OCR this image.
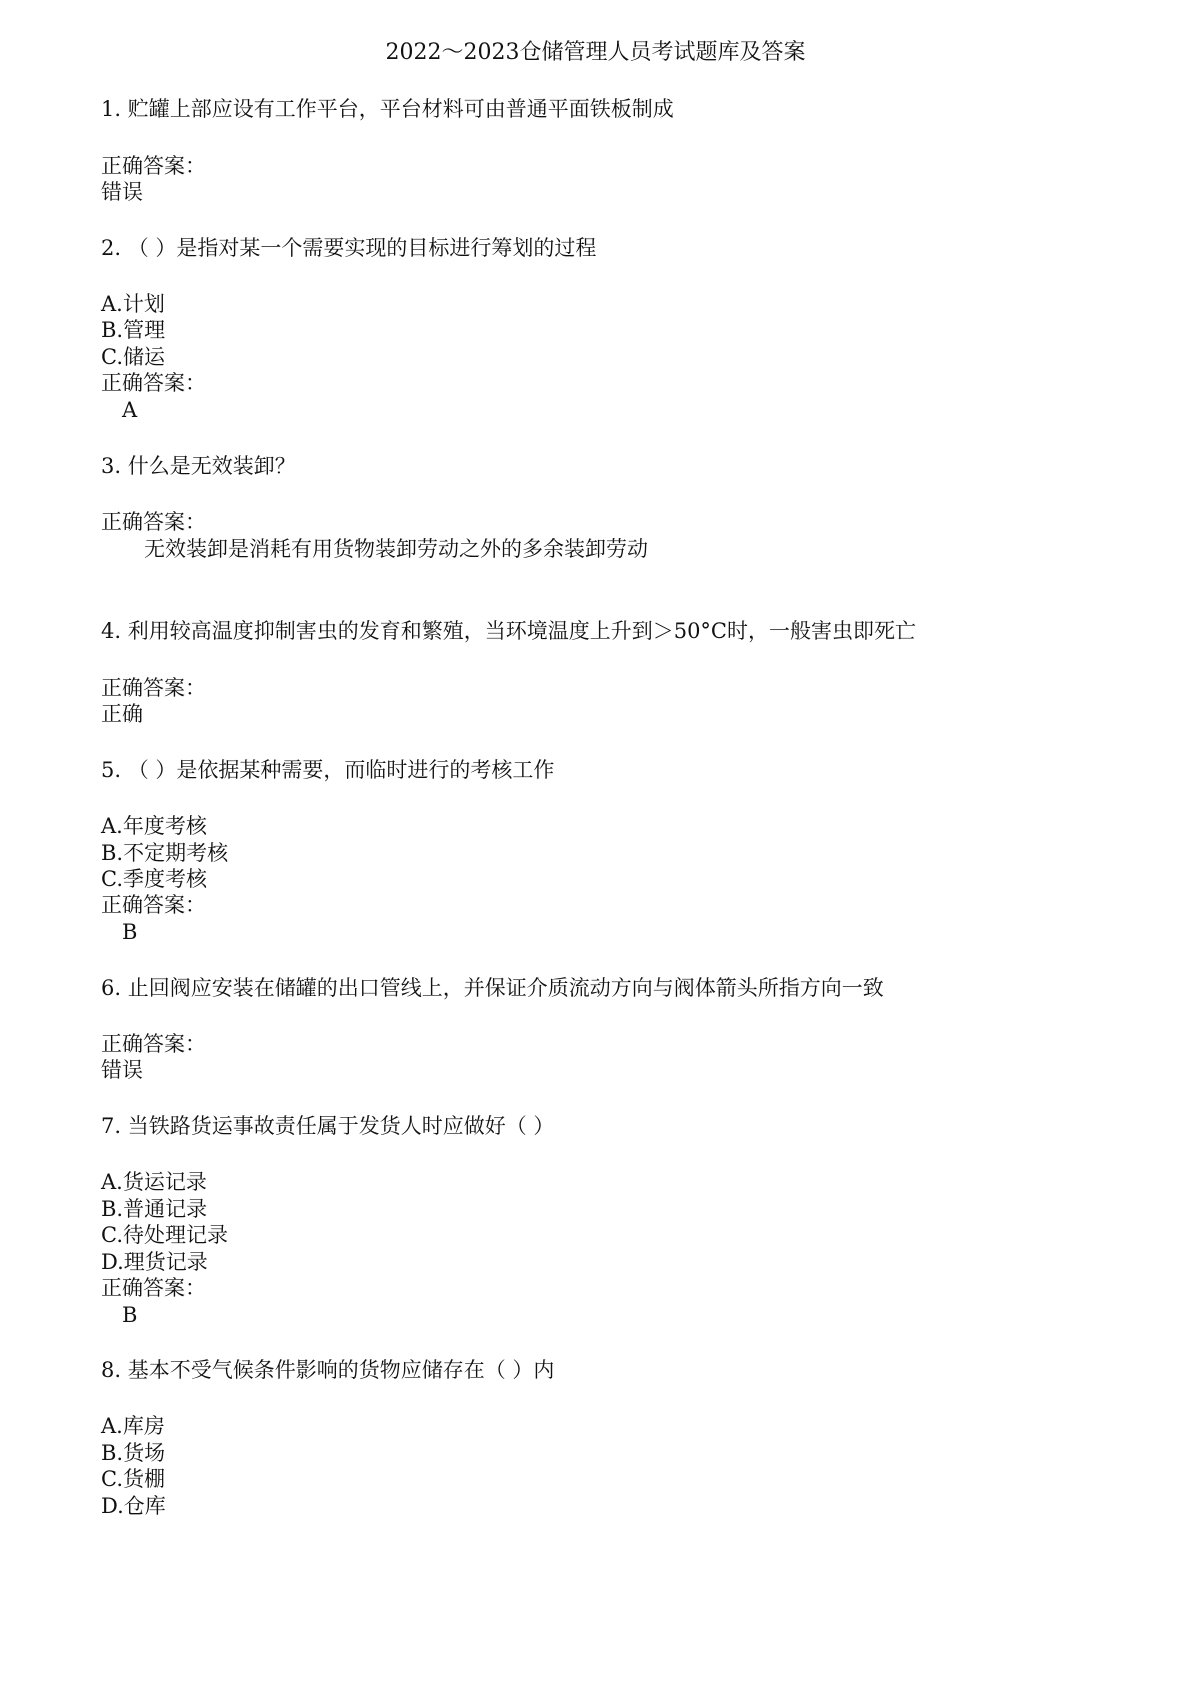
2022～2023仓储管理人员考试题库及答案
1. 贮罐上部应设有工作平台，平台材料可由普通平面铁板制成
正确答案：
错误
2. （ ）是指对某一个需要实现的目标进行筹划的过程
A.计划
B.管理
C.储运
正确答案：
A
3. 什么是无效装卸？
正确答案：
无效装卸是消耗有用货物装卸劳动之外的多余装卸劳动
4. 利用较高温度抑制害虫的发育和繁殖，当环境温度上升到＞50°C时，一般害虫即死亡
正确答案：
正确
5. （ ）是依据某种需要，而临时进行的考核工作
A.年度考核
B.不定期考核
C.季度考核
正确答案：
B
6. 止回阀应安装在储罐的出口管线上，并保证介质流动方向与阀体箭头所指方向一致
正确答案：
错误
7. 当铁路货运事故责任属于发货人时应做好（ ）
A.货运记录
B.普通记录
C.待处理记录
D.理货记录
正确答案：
B
8. 基本不受气候条件影响的货物应储存在（ ）内
A.库房
B.货场
C.货棚
D.仓库
